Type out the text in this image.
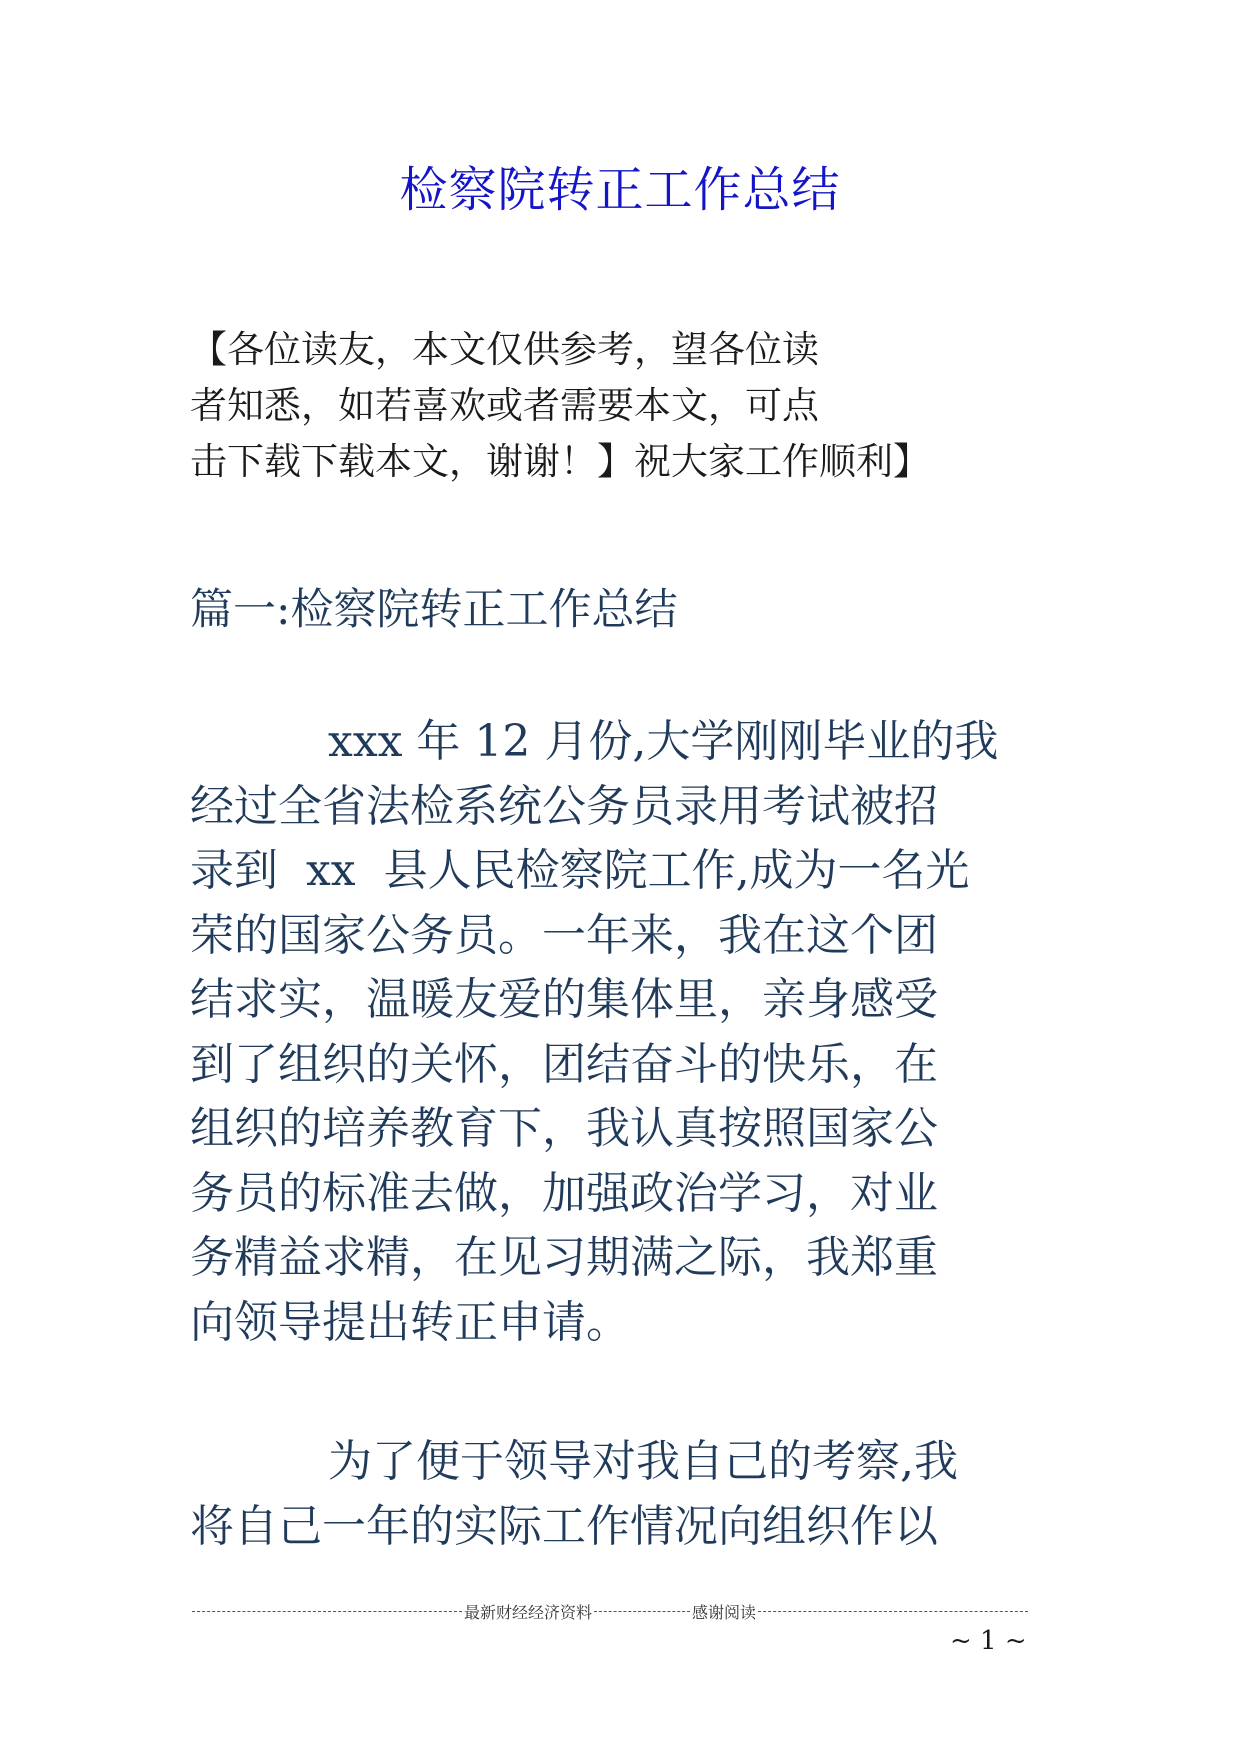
检察院转正工作总结
【各位读友，本文仅供参考，望各位读
者知悉，如若喜欢或者需要本文，可点
击下载下载本文，谢谢！】祝大家工作顺利】
篇一:检察院转正工作总结
xxx 年 12 月份,大学刚刚毕业的我
经过全省法检系统公务员录用考试被招
录到  xx  县人民检察院工作,成为一名光
荣的国家公务员。一年来，我在这个团
结求实，温暖友爱的集体里，亲身感受
到了组织的关怀，团结奋斗的快乐，在
组织的培养教育下，我认真按照国家公
务员的标准去做，加强政治学习，对业
务精益求精，在见习期满之际，我郑重
向领导提出转正申请。
为了便于领导对我自己的考察,我
将自己一年的实际工作情况向组织作以
最新财经经济资料	感谢阅读
~ 1 ~
